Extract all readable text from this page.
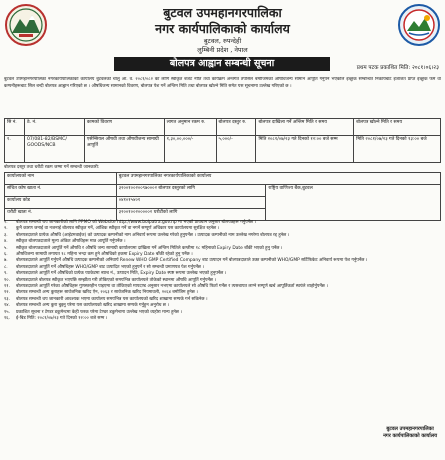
बुटवल उपमहानगरपालिका
नगर कार्यपालिकाको कार्यालय
बुटवल, रुपन्देही
लुम्बिनी प्रदेश , नेपाल
बोलपत्र आह्वान सम्बन्धी सूचना	प्रथम पटक प्रकाशित मिति: २०८१।०६।२३
बुटवल उपमहानगरपालिका नगरकार्यपालिकाको कार्यालय बुटवलको चालु आ. व. २०८१/०८२ का लागि स्वीकृत बजेट नीति तथा कार्यक्रम अन्तर्गत तपसिल बमोजिमको औषधिजन्य सामान आपूर्ति गर्नुपर्ने भएकोले इच्छुक सम्बन्धित निकायबाट इजाजत प्राप्त इच्छुक फर्म वा कम्पनीहरूबाट सिल बन्दी बोलपत्र आह्वान गरिएको छ । औषधिजन्य सामानको विवरण, बोलपत्र पेश गर्ने अन्तिम मिति तथा बोलपत्र खोल्ने मिति समेत यस सूचनामा उल्लेख गरिएको छ ।
सि नं.	ठे. नं.	कामको विवरण	लागत अनुमान रकम रु.	बोलपत्र दस्तुर रु.	बोलपत्र दाखिला गर्ने अन्तिम मिति र समय	बोलपत्र खोल्ने मिति र समय
१.	07/081-82/BSMC/ GOODS/NCB	एसेन्सियल औषधी तथा औषधीजन्य सामाग्री आपूर्ति	१,३०,००,०००/-	५,०००/-	मिति २०८१/०७/२३ गते दिनको १२:०० बजे सम्म	मिति २०८१/०७/२३ गते दिनको १३:०० बजे
बोलपत्र दस्तुर तथा धरौटी रकम जम्मा गर्ने सम्बन्धी जानकारी:
कार्यालयको नाम	बुटवल उपमहानगरपालिका नगरकार्यपालिकाको कार्यालय	
संचित कोष खाता नं.	३२००१००२००९७०००२ बोलपत्र दस्तुरको लागि	राष्ट्रिय वाणिज्य बैंक,बुटवल
कार्यालय कोड	०४१०१५४०१	
धरौटी खाता नं.	३२००१००२०००००२ धरौटीको लागि	
१.	बोलपत्र सम्बन्धी थप जानकारीको लागि PPMO को Website http://www.bolpatra.gov.np मा भएको प्रावधान अनुसार बोलपत्रहरू गर्नुपर्नेछ ।
२.	कुनै कारण जनाई वा नजनाई बोलपत्र स्वीकृत गर्ने, आंशिक स्वीकृत गर्ने वा नगर्ने सम्पूर्ण अधिकार यस कार्यालयमा सुरक्षित रहनेछ ।
३.	बोलपत्रदाताले प्रत्येक औषधि (आईटमवाईज) को उत्पादक कम्पनीको नाम अनिवार्य रूपमा उल्लेख गरेको हुनुपर्नेछ । उत्पादक कम्पनीको नाम उल्लेख नगरेमा बोलपत्र रद्द हुनेछ ।
४.	स्वीकृत बोलपत्रदाताले मूल्य अंकित औषधिहरू मात्र आपूर्ति गर्नुपर्नेछ ।
५.	स्वीकृत बोलपत्रदाताले आपूर्ति गर्ने औषधि र औषधि जन्य सामाग्री कार्यालयमा दाखिला गर्ने अन्तिम मितिले कम्तीमा १८ महिनाको Expiry Date बाँकी भएको हुनु पर्नेछ ।
६.	औषधिजन्य सामाग्री लगायत १८ महिना भन्दा कम हुने औषधिको हकमा Expiry Date बाँकी रहेको हुनु पर्नेछ ।
७.	बोलपत्रदाताले आपूर्ति गर्नुपर्ने औषधि उत्पादक कम्पनीको अनिवार्य Renew WHO GMP Certified Company बाट उत्पादन गर्ने बोलपत्रदाताले उक्त कम्पनीको WHO/GMP सर्टिफिकेट अनिवार्य रूपमा पेश गर्नुपर्नेछ ।
८.	बोलपत्रदाताले आपूर्ति गर्ने औषधिहरू WHO/GMP बाट उत्पादित भएको हुनुपर्ने र सो सम्बन्धी प्रमाणपत्र पेश गर्नुपर्नेछ ।
९.	बोलपत्रदाताले आपूर्ति गर्ने औषधिको प्रत्येक प्याकेटमा ब्याच नं., उत्पादन मिति, Expiry Date स्पष्ट रूपमा उल्लेख भएको हुनुपर्नेछ ।
१०.	बोलपत्रदाताले बोलपत्र स्वीकृत भएपछि सम्झौता गरी तोकिएको समयभित्र कार्यालयले तोकेको स्थानमा औषधि आपूर्ति गर्नुपर्नेछ ।
११.	बोलपत्रदाताले आपूर्ति गरेका औषधिहरू गुणस्तरहीन पाइएमा वा तोकिएको मापदण्ड अनुसार नभएमा कार्यालयले सो औषधि फिर्ता गर्नेछ र त्यसबापत लाग्ने सम्पूर्ण खर्च आपूर्तिकर्ता स्वयंले व्यहोर्नुपर्नेछ ।
१२.	बोलपत्र सम्बन्धी अन्य कुराहरू सार्वजनिक खरिद ऐन, २०६३ र सार्वजनिक खरिद नियमावली, २०६४ बमोजिम हुनेछ ।
१३.	बोलपत्र सम्बन्धी थप जानकारी आवश्यक भएमा कार्यालय समयभित्र यस कार्यालयको खरिद शाखामा सम्पर्क गर्न सकिनेछ ।
१४.	बोलपत्र सम्बन्धी अन्य कुरा बुझ्नु परेमा यस कार्यालयको खरिद शाखामा सम्पर्क गर्नुहुन अनुरोध छ ।
१५.	प्रकाशित सूचना र टेण्डर डकुमेन्टमा केही फरक परेमा टेण्डर डकुमेन्टमा उल्लेख भएको व्यहोरा मान्य हुनेछ ।
१६.	ई-बिड मिति: २०८१/०७/२३ गते दिनको १२:०० बजे सम्म ।
बुटवल उपमहानगरपालिका
नगर कार्यपालिकाको कार्यालय
